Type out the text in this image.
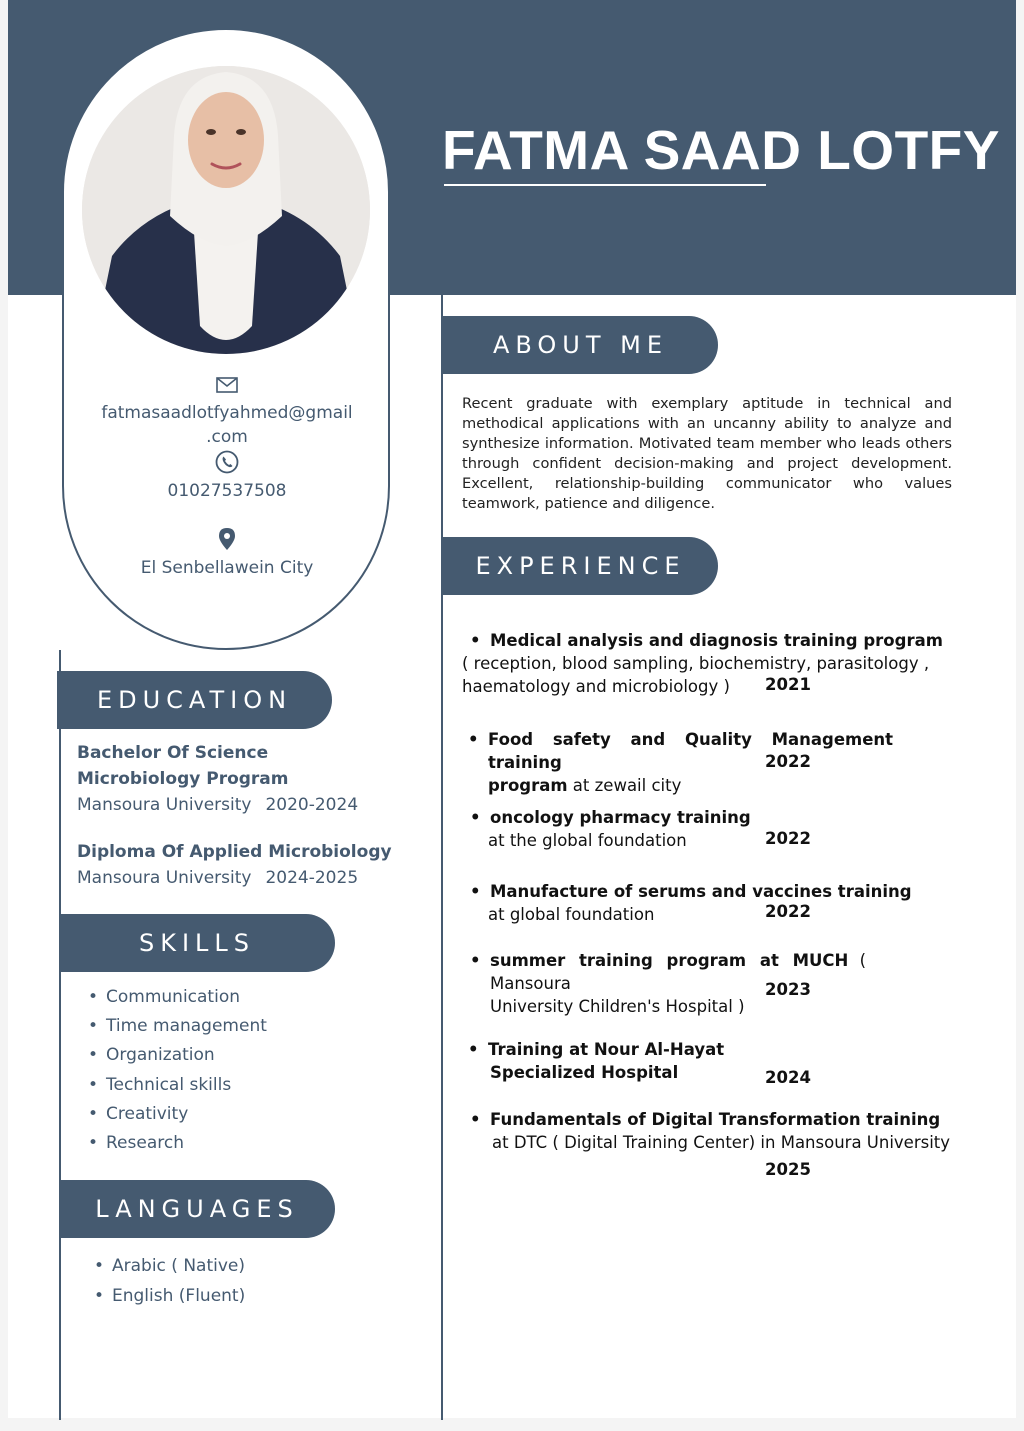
FATMA SAAD LOTFY
fatmasaadlotfyahmed@gmail
.com
01027537508
El Senbellawein City
EDUCATION
Bachelor Of Science
Microbiology Program
Mansoura University 2020-2024
Diploma Of Applied Microbiology
Mansoura University 2024-2025
SKILLS
• Communication
• Time management
• Organization
• Technical skills
• Creativity
• Research
LANGUAGES
• Arabic ( Native)
• English (Fluent)
ABOUT ME

Recent graduate with exemplary aptitude in technical and methodical applications with an uncanny ability to analyze and synthesize information. Motivated team member who leads others through confident decision-making and project development. Excellent, relationship-building communicator who values teamwork, patience and diligence.

EXPERIENCE
• Medical analysis and diagnosis training program
( reception, blood sampling, biochemistry, parasitology ,
haematology and microbiology )	2021
• Food safety and Quality Management training
program at zewail city
2022
• oncology pharmacy training
at the global foundation	2022
• Manufacture of serums and vaccines training
at global foundation	2022
• summer training program at MUCH ( Mansoura
University Children's Hospital )
2023
• Training at Nour Al-Hayat
Specialized Hospital	2024
• Fundamentals of Digital Transformation training
at DTC ( Digital Training Center) in Mansoura University
2025
